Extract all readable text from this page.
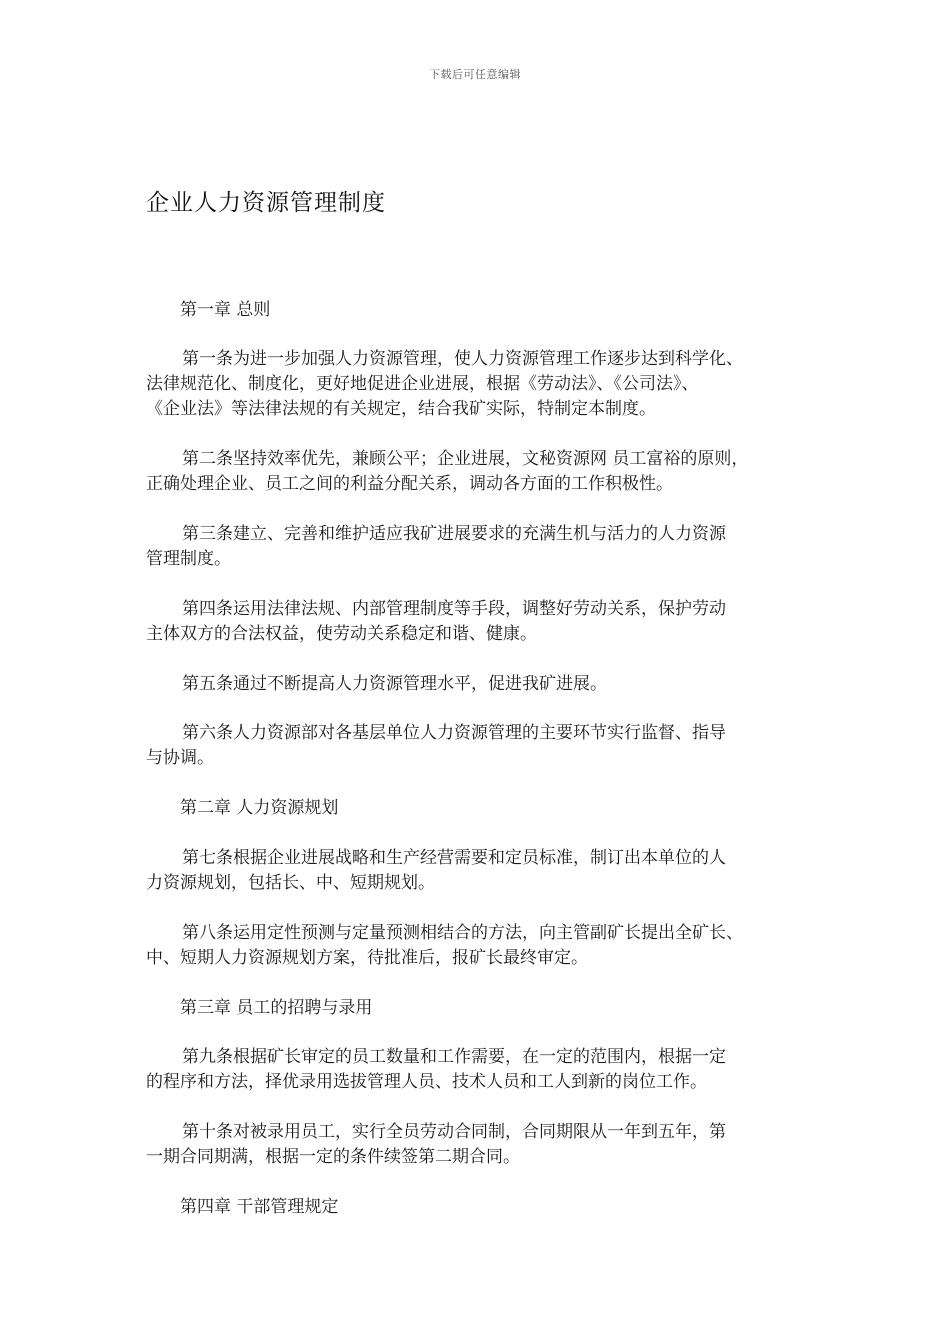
下载后可任意编辑
企业人力资源管理制度
第一章 总则
第一条为进一步加强人力资源管理，使人力资源管理工作逐步达到科学化、
法律规范化、制度化，更好地促进企业进展，根据《劳动法》、《公司法》、
《企业法》等法律法规的有关规定，结合我矿实际，特制定本制度。
第二条坚持效率优先，兼顾公平；企业进展，文秘资源网 员工富裕的原则，
正确处理企业、员工之间的利益分配关系，调动各方面的工作积极性。
第三条建立、完善和维护适应我矿进展要求的充满生机与活力的人力资源
管理制度。
第四条运用法律法规、内部管理制度等手段，调整好劳动关系，保护劳动
主体双方的合法权益，使劳动关系稳定和谐、健康。
第五条通过不断提高人力资源管理水平，促进我矿进展。
第六条人力资源部对各基层单位人力资源管理的主要环节实行监督、指导
与协调。
第二章 人力资源规划
第七条根据企业进展战略和生产经营需要和定员标准，制订出本单位的人
力资源规划，包括长、中、短期规划。
第八条运用定性预测与定量预测相结合的方法，向主管副矿长提出全矿长、
中、短期人力资源规划方案，待批准后，报矿长最终审定。
第三章 员工的招聘与录用
第九条根据矿长审定的员工数量和工作需要，在一定的范围内，根据一定
的程序和方法，择优录用选拔管理人员、技术人员和工人到新的岗位工作。
第十条对被录用员工，实行全员劳动合同制，合同期限从一年到五年，第
一期合同期满，根据一定的条件续签第二期合同。
第四章 干部管理规定
